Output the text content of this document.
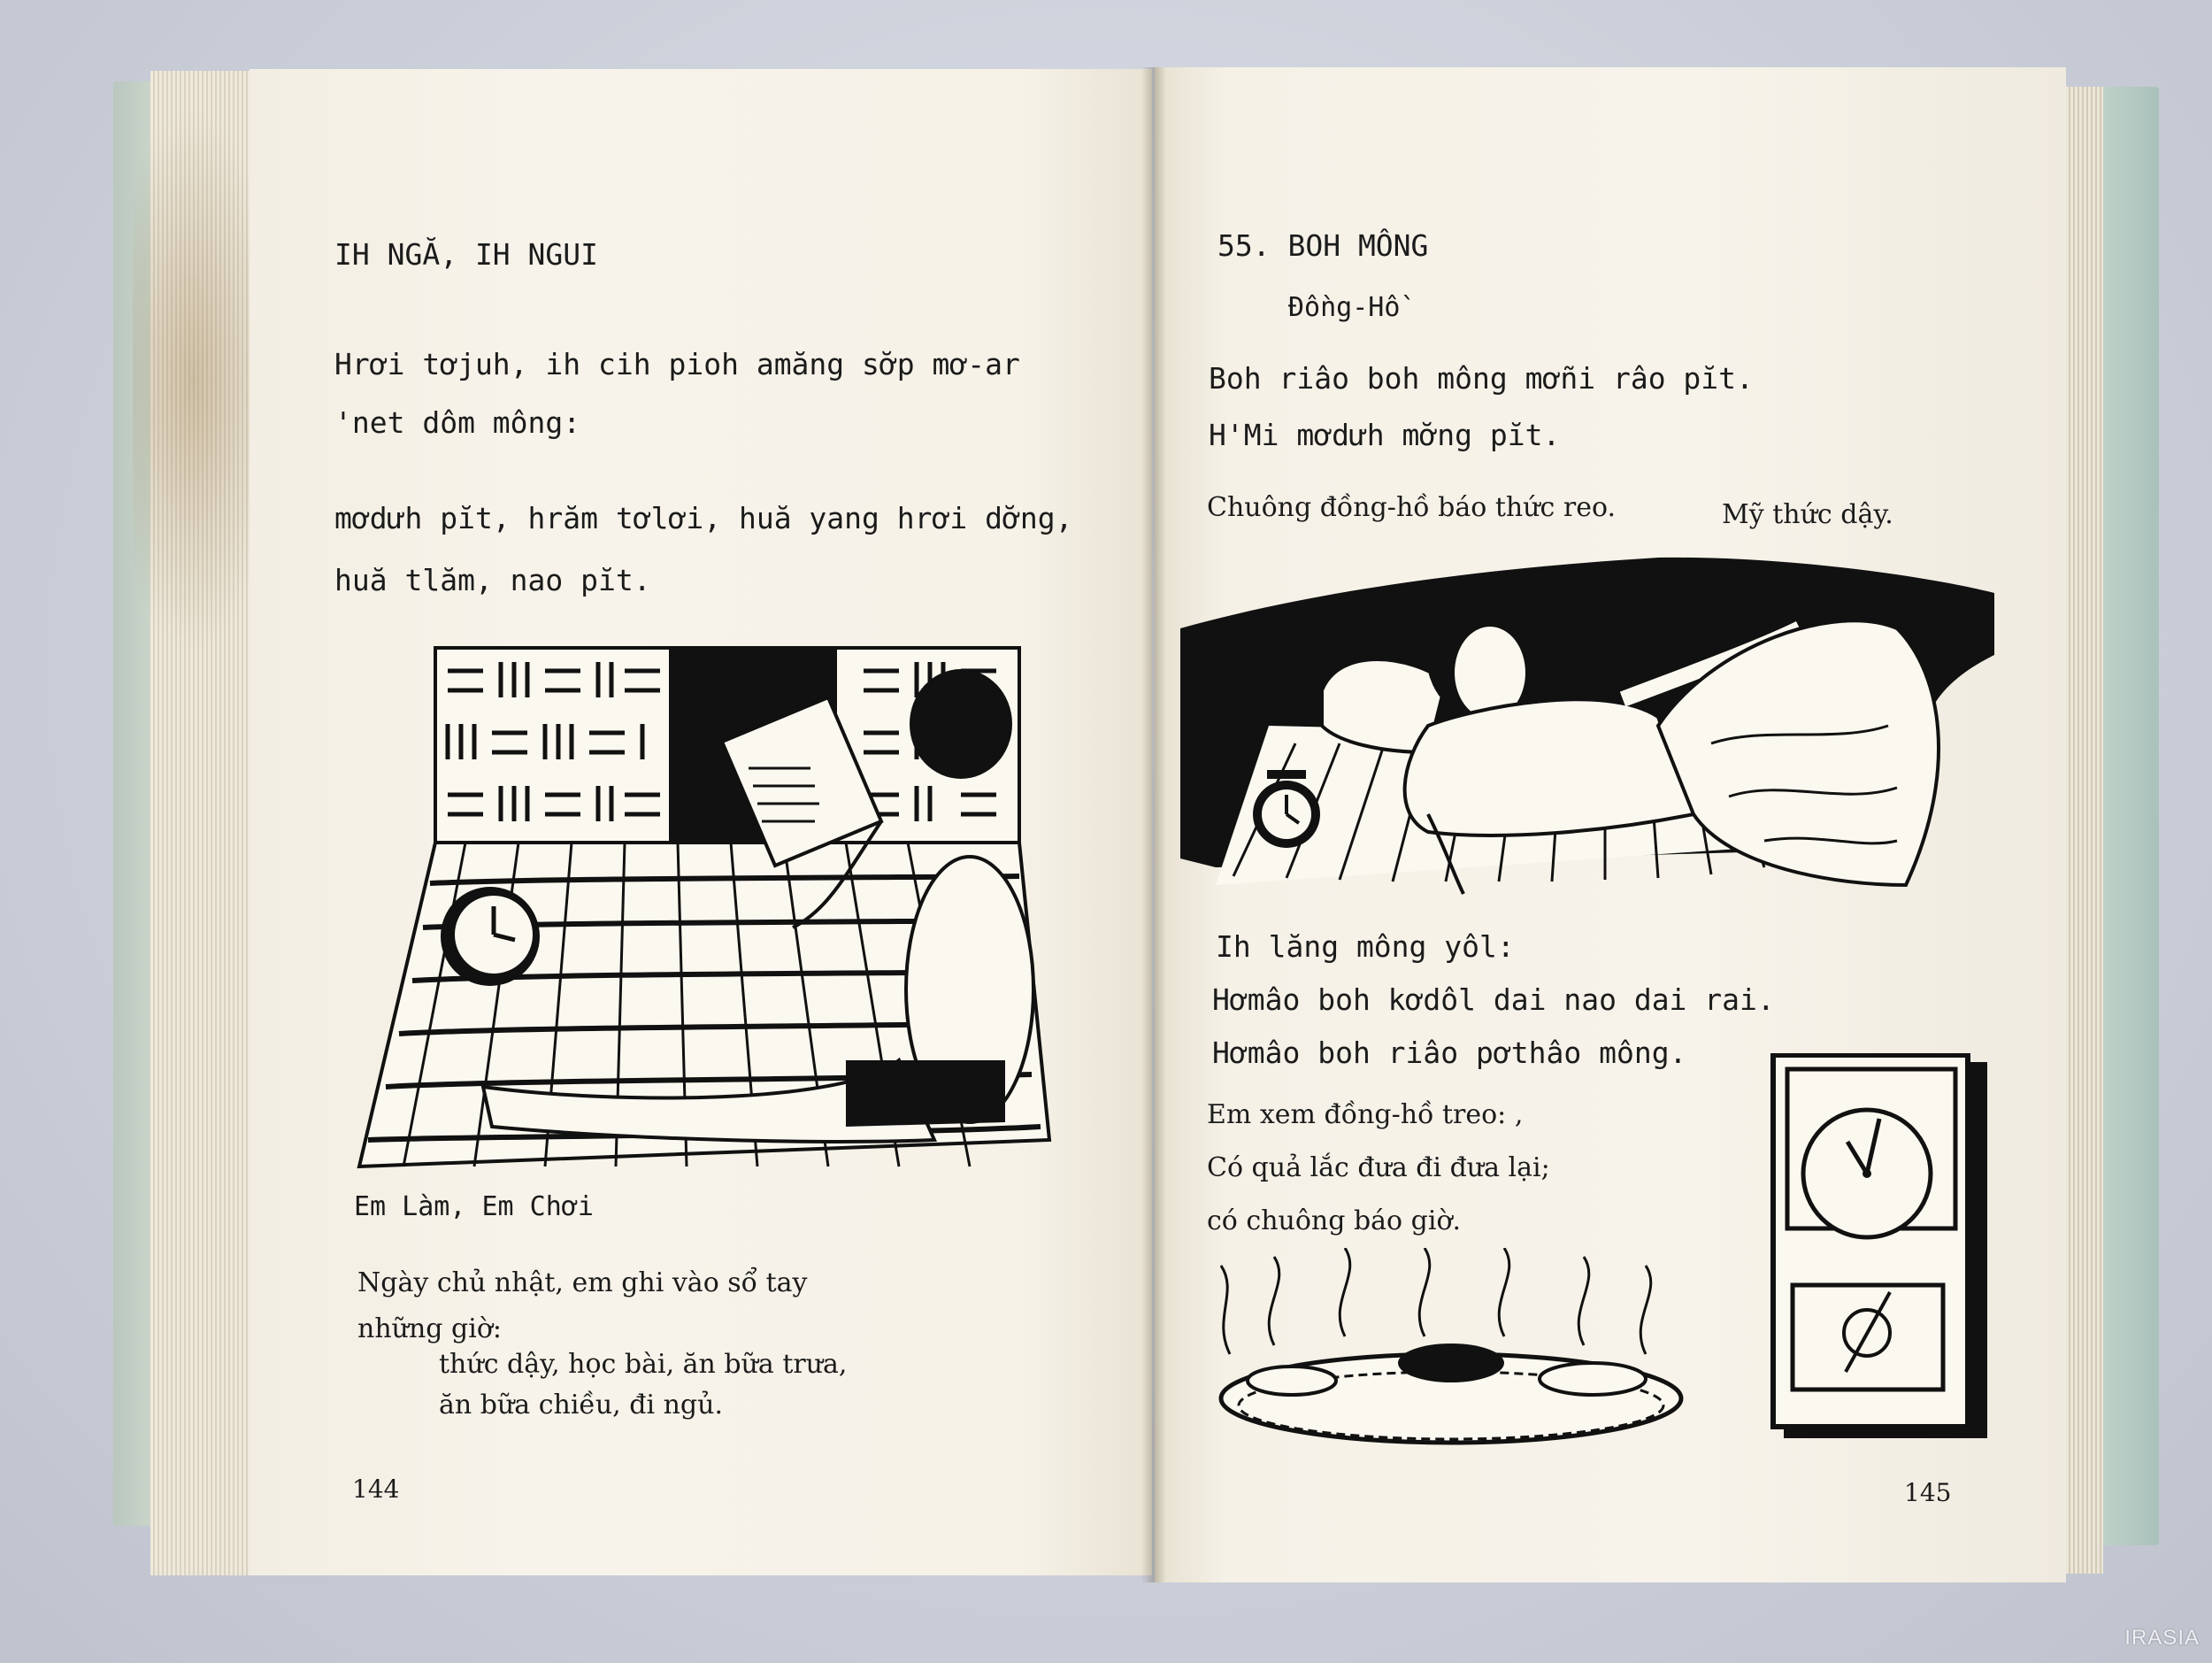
IH NGĂ, IH NGUI
Hrơi tơjuh, ih cih pioh amăng sơ̆p mơ-ar
'net dôm mông:
mơdưh pĭt, hrăm tơlơi, huă yang hrơi dơ̆ng,
huă tlăm, nao pĭt.
Em Làm, Em Chơi
Ngày chủ nhật, em ghi vào sổ tay
những giờ:
thức dậy, học bài, ăn bữa trưa,
ăn bữa chiều, đi ngủ.
144
55. BOH MÔNG
Đồng-Hồ
Boh riâo boh mông mơñi râo pĭt.
H'Mi mơdưh mơ̆ng pĭt.
Chuông đồng-hồ báo thức reo.	Mỹ thức dậy.
Ih lăng mông yôl:
Hơmâo boh kơdôl dai nao dai rai.
Hơmâo boh riâo pơthâo mông.
Em xem đồng-hồ treo: ,
Có quả lắc đưa đi đưa lại;
có chuông báo giờ.
145
IRASIA
